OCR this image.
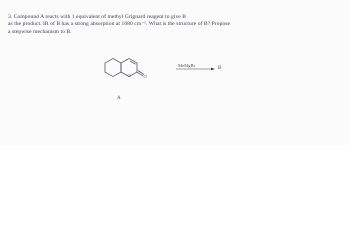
3. Compound A reacts with 1 equivalent of methyl Grignard reagent to give B
as the product. IR of B has a strong absorption at 1680 cm⁻¹. What is the structure of B? Propose
a stepwise mechanism to B.
O	O
MeMgBr
B
A
